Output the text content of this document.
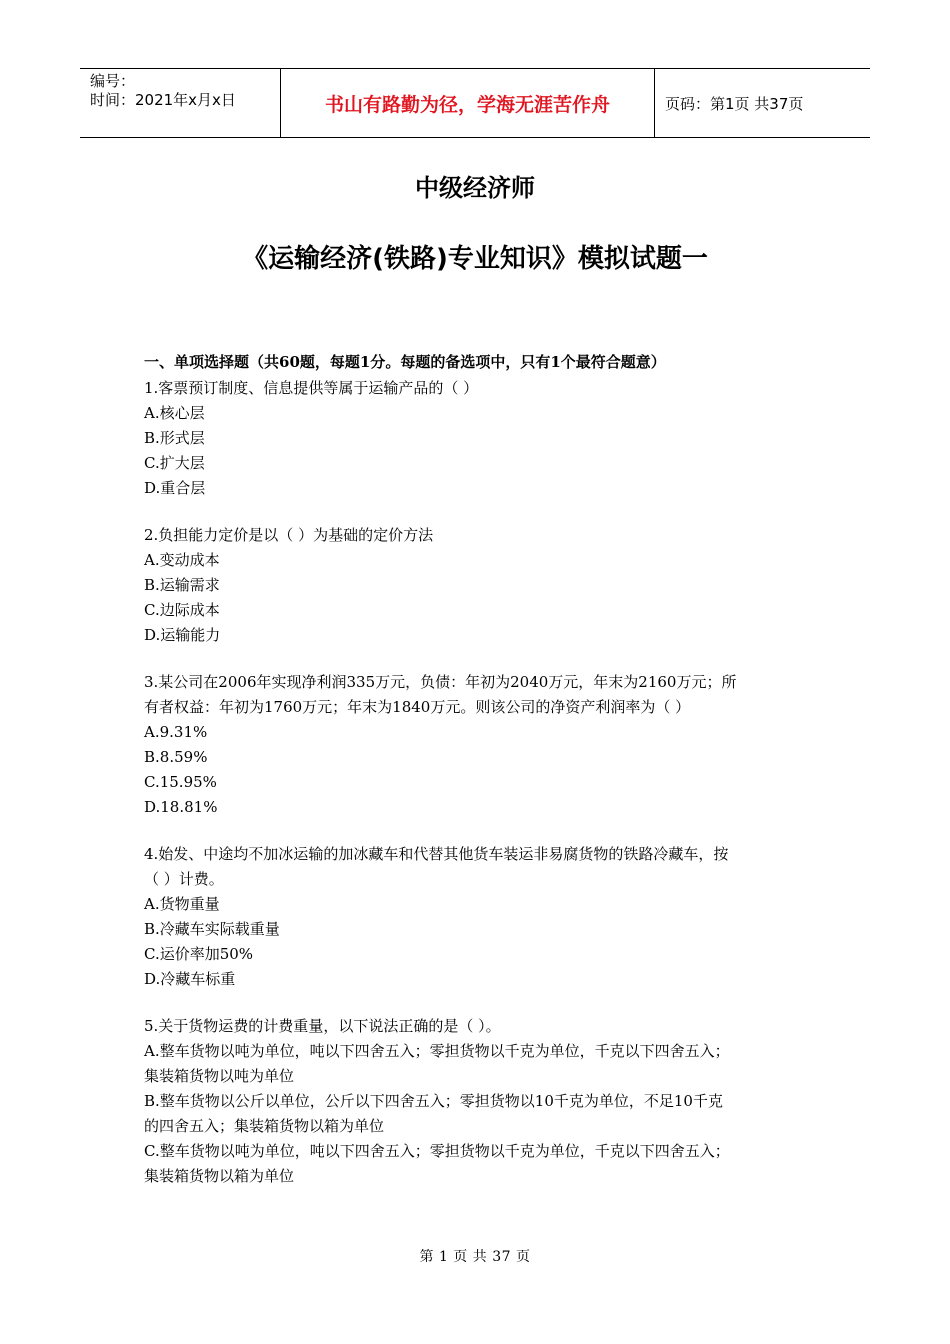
编号：
时间：2021年x月x日	书山有路勤为径，学海无涯苦作舟	页码：第1页 共37页
中级经济师
《运输经济(铁路)专业知识》模拟试题一
一、单项选择题（共60题，每题1分。每题的备选项中，只有1个最符合题意）
1.客票预订制度、信息提供等属于运输产品的（ ）
A.核心层
B.形式层
C.扩大层
D.重合层
2.负担能力定价是以（ ）为基础的定价方法
A.变动成本
B.运输需求
C.边际成本
D.运输能力
3.某公司在2006年实现净利润335万元，负债：年初为2040万元，年末为2160万元；所
有者权益：年初为1760万元；年末为1840万元。则该公司的净资产利润率为（ ）
A.9.31%
B.8.59%
C.15.95%
D.18.81%
4.始发、中途均不加冰运输的加冰藏车和代替其他货车装运非易腐货物的铁路冷藏车，按
（ ）计费。
A.货物重量
B.冷藏车实际载重量
C.运价率加50%
D.冷藏车标重
5.关于货物运费的计费重量，以下说法正确的是（ ）。
A.整车货物以吨为单位，吨以下四舍五入；零担货物以千克为单位，千克以下四舍五入；
集装箱货物以吨为单位
B.整车货物以公斤以单位，公斤以下四舍五入；零担货物以10千克为单位，不足10千克
的四舍五入；集装箱货物以箱为单位
C.整车货物以吨为单位，吨以下四舍五入；零担货物以千克为单位，千克以下四舍五入；
集装箱货物以箱为单位
第 1 页 共 37 页
